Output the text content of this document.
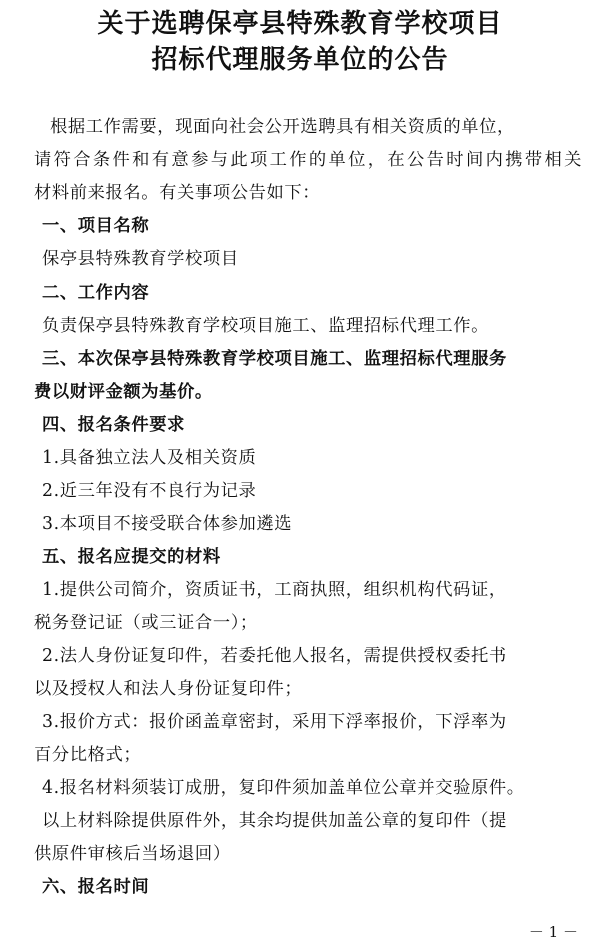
关于选聘保亭县特殊教育学校项目
招标代理服务单位的公告
根据工作需要，现面向社会公开选聘具有相关资质的单位，
请符合条件和有意参与此项工作的单位，在公告时间内携带相关
材料前来报名。有关事项公告如下：
一、项目名称
保亭县特殊教育学校项目
二、工作内容
负责保亭县特殊教育学校项目施工、监理招标代理工作。
三、本次保亭县特殊教育学校项目施工、监理招标代理服务
费以财评金额为基价。
四、报名条件要求
1.具备独立法人及相关资质
2.近三年没有不良行为记录
3.本项目不接受联合体参加遴选
五、报名应提交的材料
1.提供公司简介，资质证书，工商执照，组织机构代码证，
税务登记证（或三证合一）；
2.法人身份证复印件，若委托他人报名，需提供授权委托书
以及授权人和法人身份证复印件；
3.报价方式：报价函盖章密封，采用下浮率报价，下浮率为
百分比格式；
4.报名材料须装订成册，复印件须加盖单位公章并交验原件。
以上材料除提供原件外，其余均提供加盖公章的复印件（提
供原件审核后当场退回）
六、报名时间
－ 1 －
